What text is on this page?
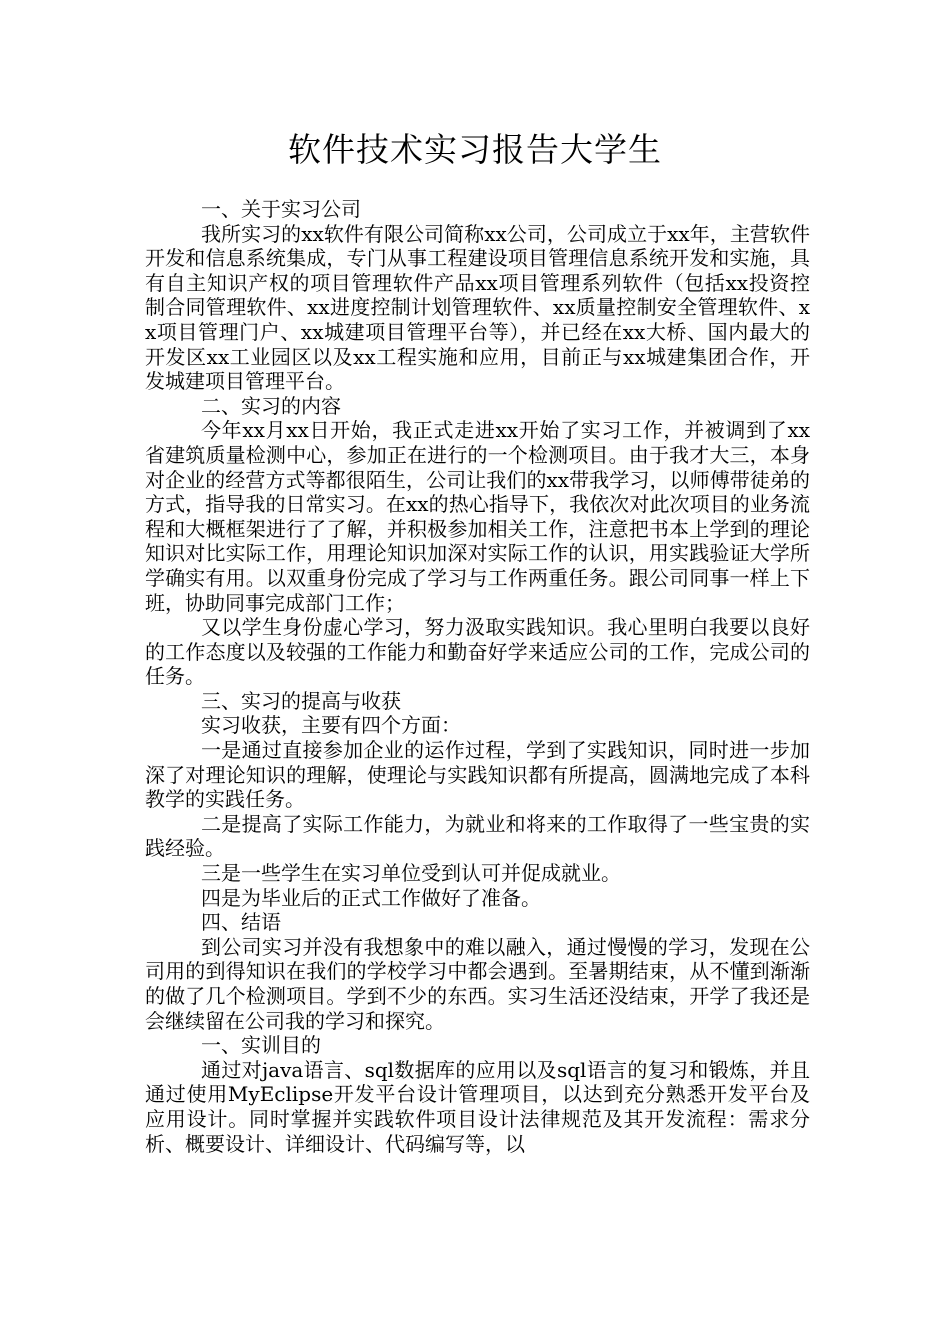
软件技术实习报告大学生

一、关于实习公司

我所实习的xx软件有限公司简称xx公司，公司成立于xx年，主营软件开发和信息系统集成，专门从事工程建设项目管理信息系统开发和实施，具有自主知识产权的项目管理软件产品xx项目管理系列软件（包括xx投资控制合同管理软件、xx进度控制计划管理软件、xx质量控制安全管理软件、xx项目管理门户、xx城建项目管理平台等），并已经在xx大桥、国内最大的开发区xx工业园区以及xx工程实施和应用，目前正与xx城建集团合作，开发城建项目管理平台。

二、实习的内容

今年xx月xx日开始，我正式走进xx开始了实习工作，并被调到了xx省建筑质量检测中心，参加正在进行的一个检测项目。由于我才大三，本身对企业的经营方式等都很陌生，公司让我们的xx带我学习，以师傅带徒弟的方式，指导我的日常实习。在xx的热心指导下，我依次对此次项目的业务流程和大概框架进行了了解，并积极参加相关工作，注意把书本上学到的理论知识对比实际工作，用理论知识加深对实际工作的认识，用实践验证大学所学确实有用。以双重身份完成了学习与工作两重任务。跟公司同事一样上下班，协助同事完成部门工作；

又以学生身份虚心学习，努力汲取实践知识。我心里明白我要以良好的工作态度以及较强的工作能力和勤奋好学来适应公司的工作，完成公司的任务。

三、实习的提高与收获

实习收获，主要有四个方面：

一是通过直接参加企业的运作过程，学到了实践知识，同时进一步加深了对理论知识的理解，使理论与实践知识都有所提高，圆满地完成了本科教学的实践任务。

二是提高了实际工作能力，为就业和将来的工作取得了一些宝贵的实践经验。

三是一些学生在实习单位受到认可并促成就业。

四是为毕业后的正式工作做好了准备。

四、结语

到公司实习并没有我想象中的难以融入，通过慢慢的学习，发现在公司用的到得知识在我们的学校学习中都会遇到。至暑期结束，从不懂到渐渐的做了几个检测项目。学到不少的东西。实习生活还没结束，开学了我还是会继续留在公司我的学习和探究。

一、实训目的

通过对java语言、sql数据库的应用以及sql语言的复习和锻炼，并且通过使用MyEclipse开发平台设计管理项目，以达到充分熟悉开发平台及应用设计。同时掌握并实践软件项目设计法律规范及其开发流程：需求分析、概要设计、详细设计、代码编写等，以
